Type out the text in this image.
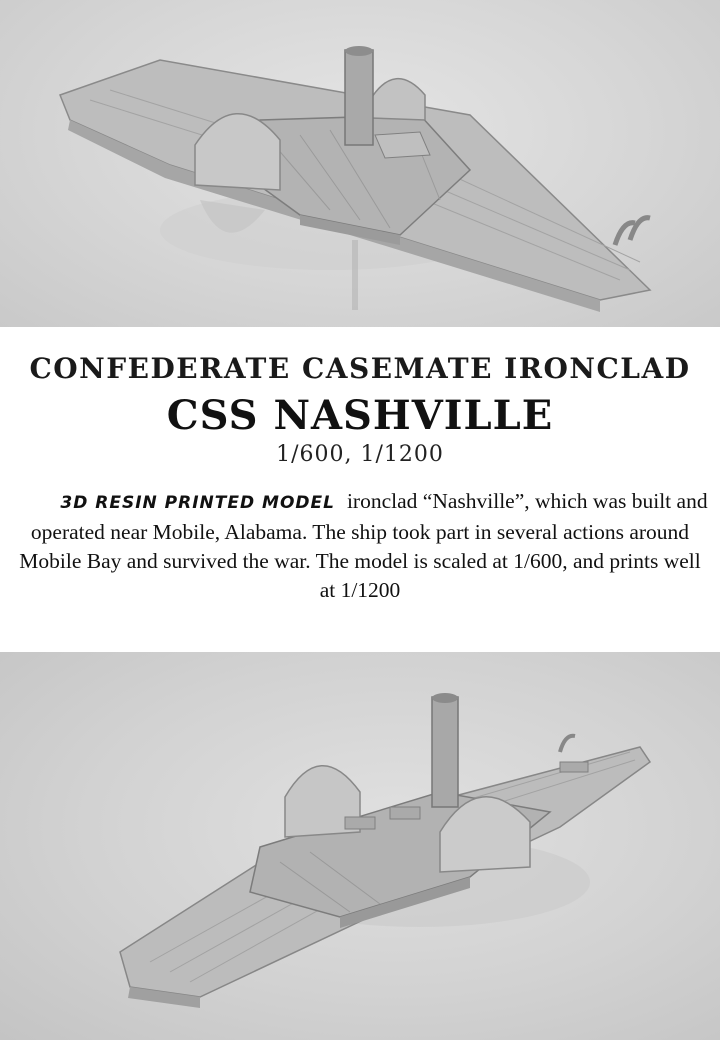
CONFEDERATE CASEMATE IRONCLAD
CSS NASHVILLE
1/600, 1/1200
3D RESIN PRINTED MODEL ironclad “Nashville”, which was built and operated near Mobile, Alabama. The ship took part in several actions around Mobile Bay and survived the war. The model is scaled at 1/600, and prints well at 1/1200
